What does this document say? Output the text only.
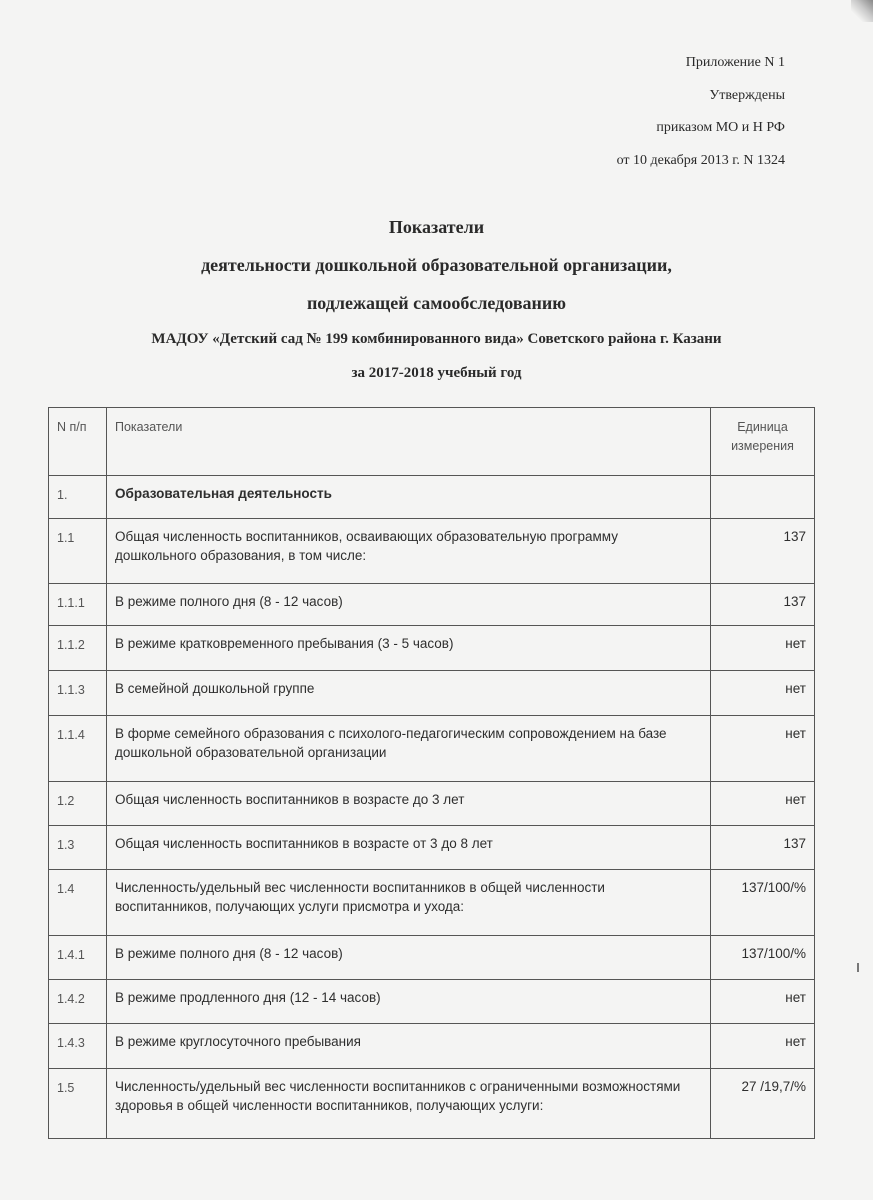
Приложение N 1
Утверждены
приказом МО и Н РФ
от 10 декабря 2013 г. N 1324
Показатели
деятельности дошкольной образовательной организации,
подлежащей самообследованию
МАДОУ «Детский сад № 199 комбинированного вида» Советского района г. Казани
за 2017-2018 учебный год
N п/п	Показатели	Единица измерения
1.	Образовательная деятельность	
1.1	Общая численность воспитанников, осваивающих образовательную программу дошкольного образования, в том числе:	137
1.1.1	В режиме полного дня (8 - 12 часов)	137
1.1.2	В режиме кратковременного пребывания (3 - 5 часов)	нет
1.1.3	В семейной дошкольной группе	нет
1.1.4	В форме семейного образования с психолого-педагогическим сопровождением на базе дошкольной образовательной организации	нет
1.2	Общая численность воспитанников в возрасте до 3 лет	нет
1.3	Общая численность воспитанников в возрасте от 3 до 8 лет	137
1.4	Численность/удельный вес численности воспитанников в общей численности воспитанников, получающих услуги присмотра и ухода:	137/100/%
1.4.1	В режиме полного дня (8 - 12 часов)	137/100/%
1.4.2	В режиме продленного дня (12 - 14 часов)	нет
1.4.3	В режиме круглосуточного пребывания	нет
1.5	Численность/удельный вес численности воспитанников с ограниченными возможностями здоровья в общей численности воспитанников, получающих услуги:	27 /19,7/%
